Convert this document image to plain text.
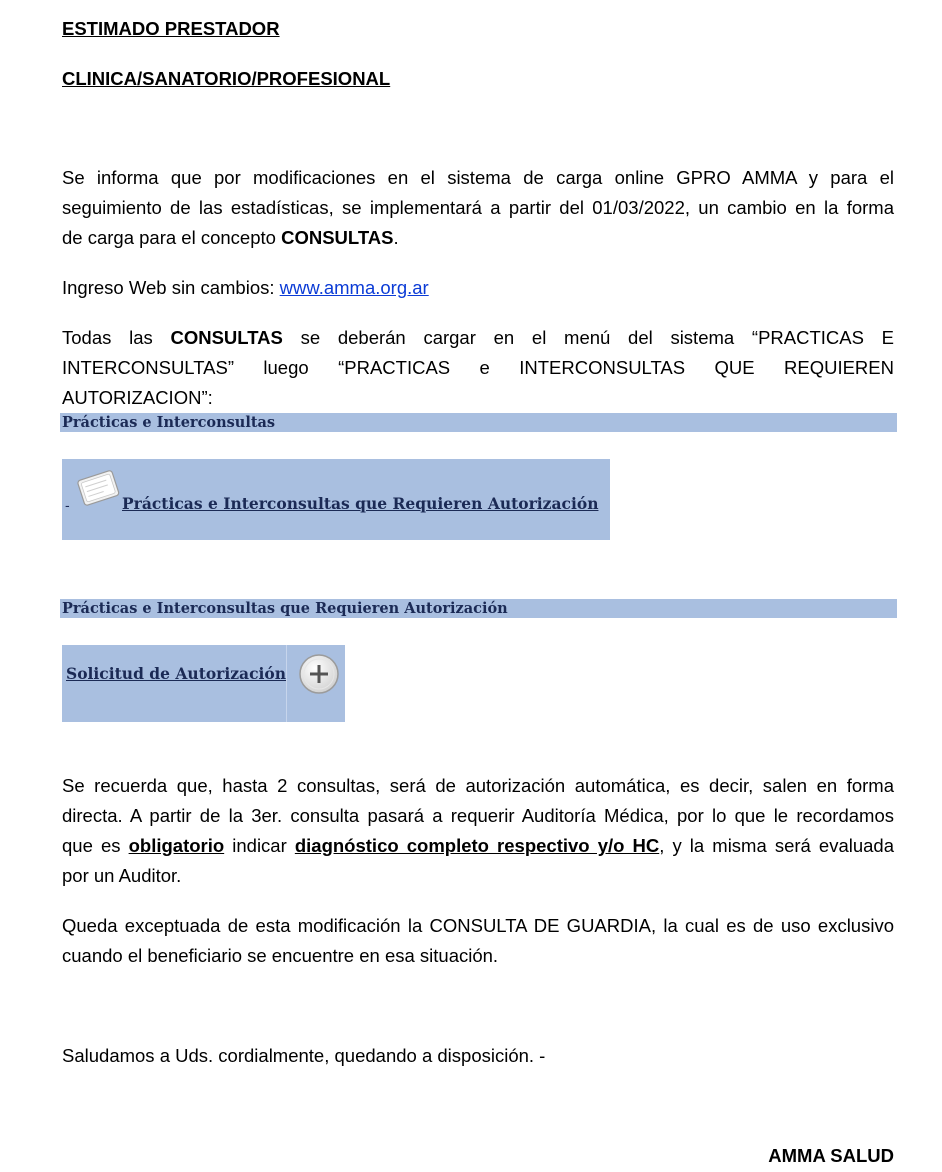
ESTIMADO PRESTADOR
CLINICA/SANATORIO/PROFESIONAL
Se informa que por modificaciones en el sistema de carga online GPRO AMMA y para el
seguimiento de las estadísticas, se implementará a partir del 01/03/2022, un cambio en la forma
de carga para el concepto CONSULTAS.
Ingreso Web sin cambios: www.amma.org.ar
Todas las CONSULTAS se deberán cargar en el menú del sistema “PRACTICAS E
INTERCONSULTAS” luego “PRACTICAS e INTERCONSULTAS QUE REQUIEREN AUTORIZACION”:
Prácticas e Interconsultas
-	Prácticas e Interconsultas que Requieren Autorización
Prácticas e Interconsultas que Requieren Autorización
Solicitud de Autorización
Se recuerda que, hasta 2 consultas, será de autorización automática, es decir, salen en forma
directa. A partir de la 3er. consulta pasará a requerir Auditoría Médica, por lo que le recordamos
que es obligatorio indicar diagnóstico completo respectivo y/o HC, y la misma será evaluada
por un Auditor.
Queda exceptuada de esta modificación la CONSULTA DE GUARDIA, la cual es de uso exclusivo
cuando el beneficiario se encuentre en esa situación.
Saludamos a Uds. cordialmente, quedando a disposición. -
AMMA SALUD
